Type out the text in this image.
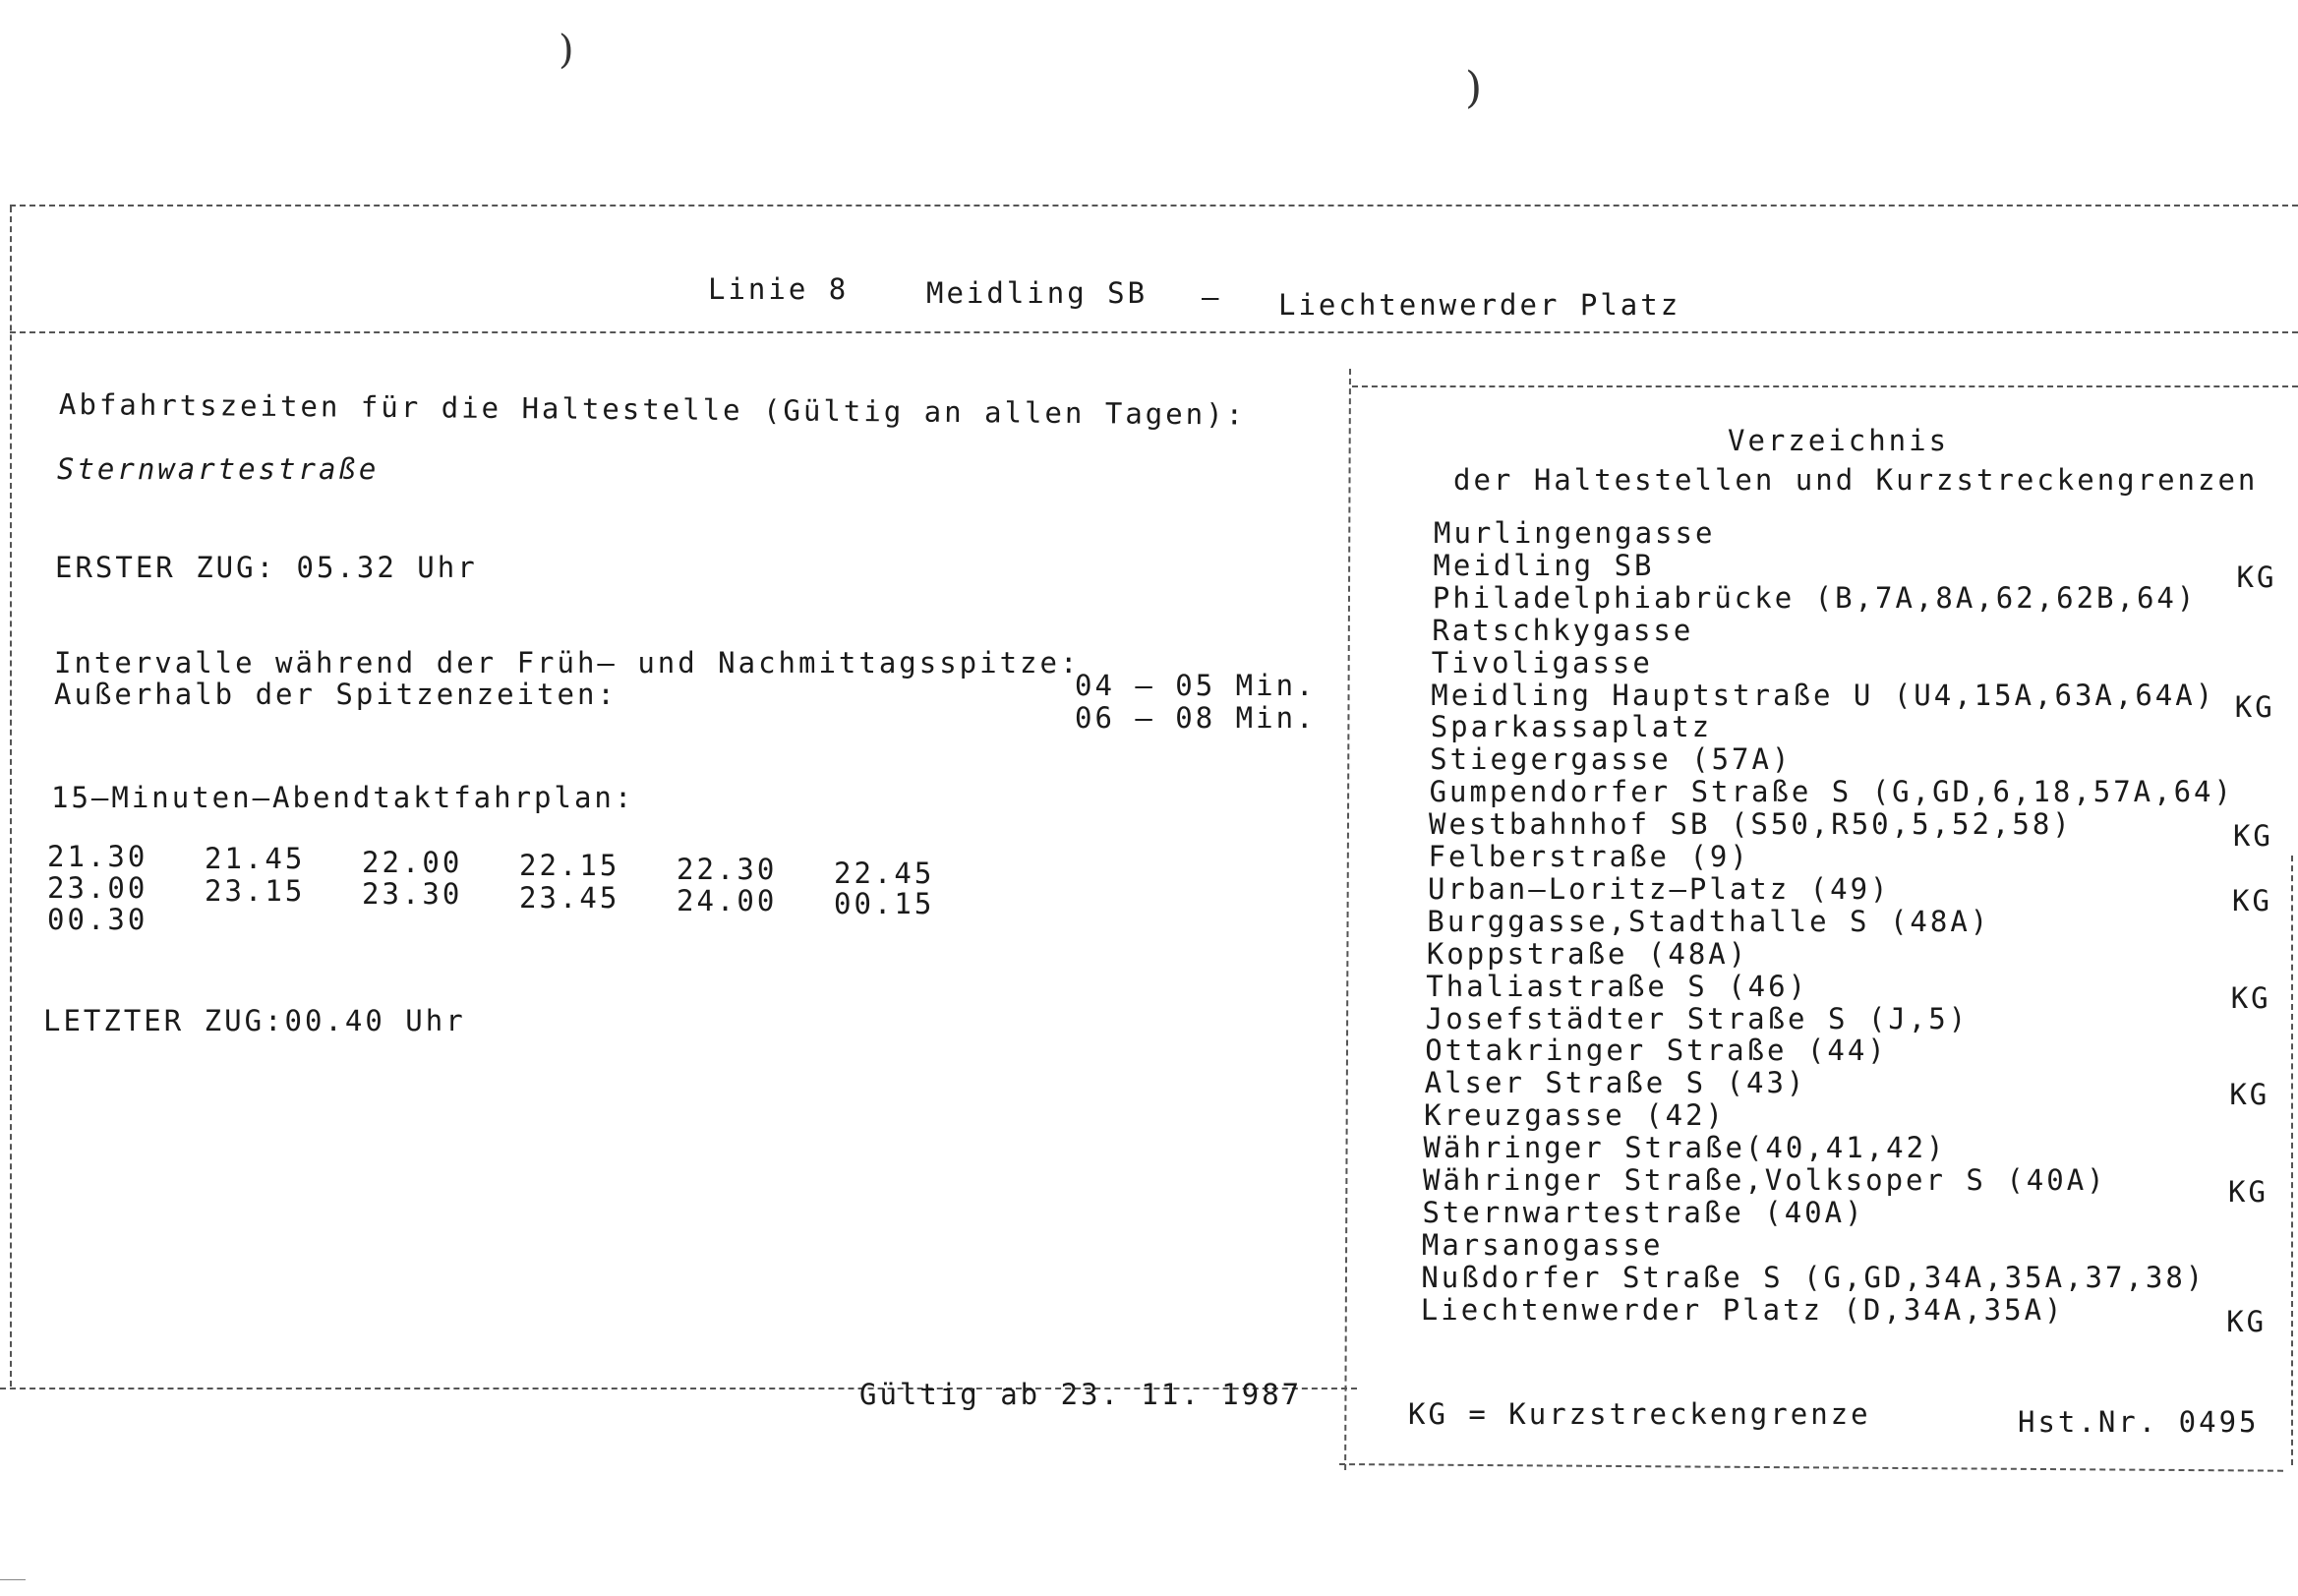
)
)
Linie 8	Meidling SB – Liechtenwerder Platz
Abfahrtszeiten für die Haltestelle (Gültig an allen Tagen):
Sternwartestraße
ERSTER ZUG: 05.32 Uhr
Intervalle während der Früh– und Nachmittagsspitze:
04 – 05 Min.
Außerhalb der Spitzenzeiten:
06 – 08 Min.
15–Minuten–Abendtaktfahrplan:
21.30 21.45 22.00 22.15 22.30 22.45
23.00 23.15 23.30 23.45 24.00 00.15
00.30
LETZTER ZUG:00.40 Uhr
Gültig ab 23. 11. 1987
Verzeichnis
der Haltestellen und Kurzstreckengrenzen
Murlingengasse
Meidling SB	KG
Philadelphiabrücke (B,7A,8A,62,62B,64)
Ratschkygasse
Tivoligasse
Meidling Hauptstraße U (U4,15A,63A,64A) KG
Sparkassaplatz
Stiegergasse (57A)
Gumpendorfer Straße S (G,GD,6,18,57A,64)
Westbahnhof SB (S50,R50,5,52,58)	KG
Felberstraße (9)
Urban–Loritz–Platz (49)	KG
Burggasse,Stadthalle S (48A)
Koppstraße (48A)
Thaliastraße S (46)	KG
Josefstädter Straße S (J,5)
Ottakringer Straße (44)
Alser Straße S (43)	KG
Kreuzgasse (42)
Währinger Straße(40,41,42)
Währinger Straße,Volksoper S (40A)	KG
Sternwartestraße (40A)
Marsanogasse
Nußdorfer Straße S (G,GD,34A,35A,37,38)
Liechtenwerder Platz (D,34A,35A)	KG
KG = Kurzstreckengrenze	Hst.Nr. 0495
